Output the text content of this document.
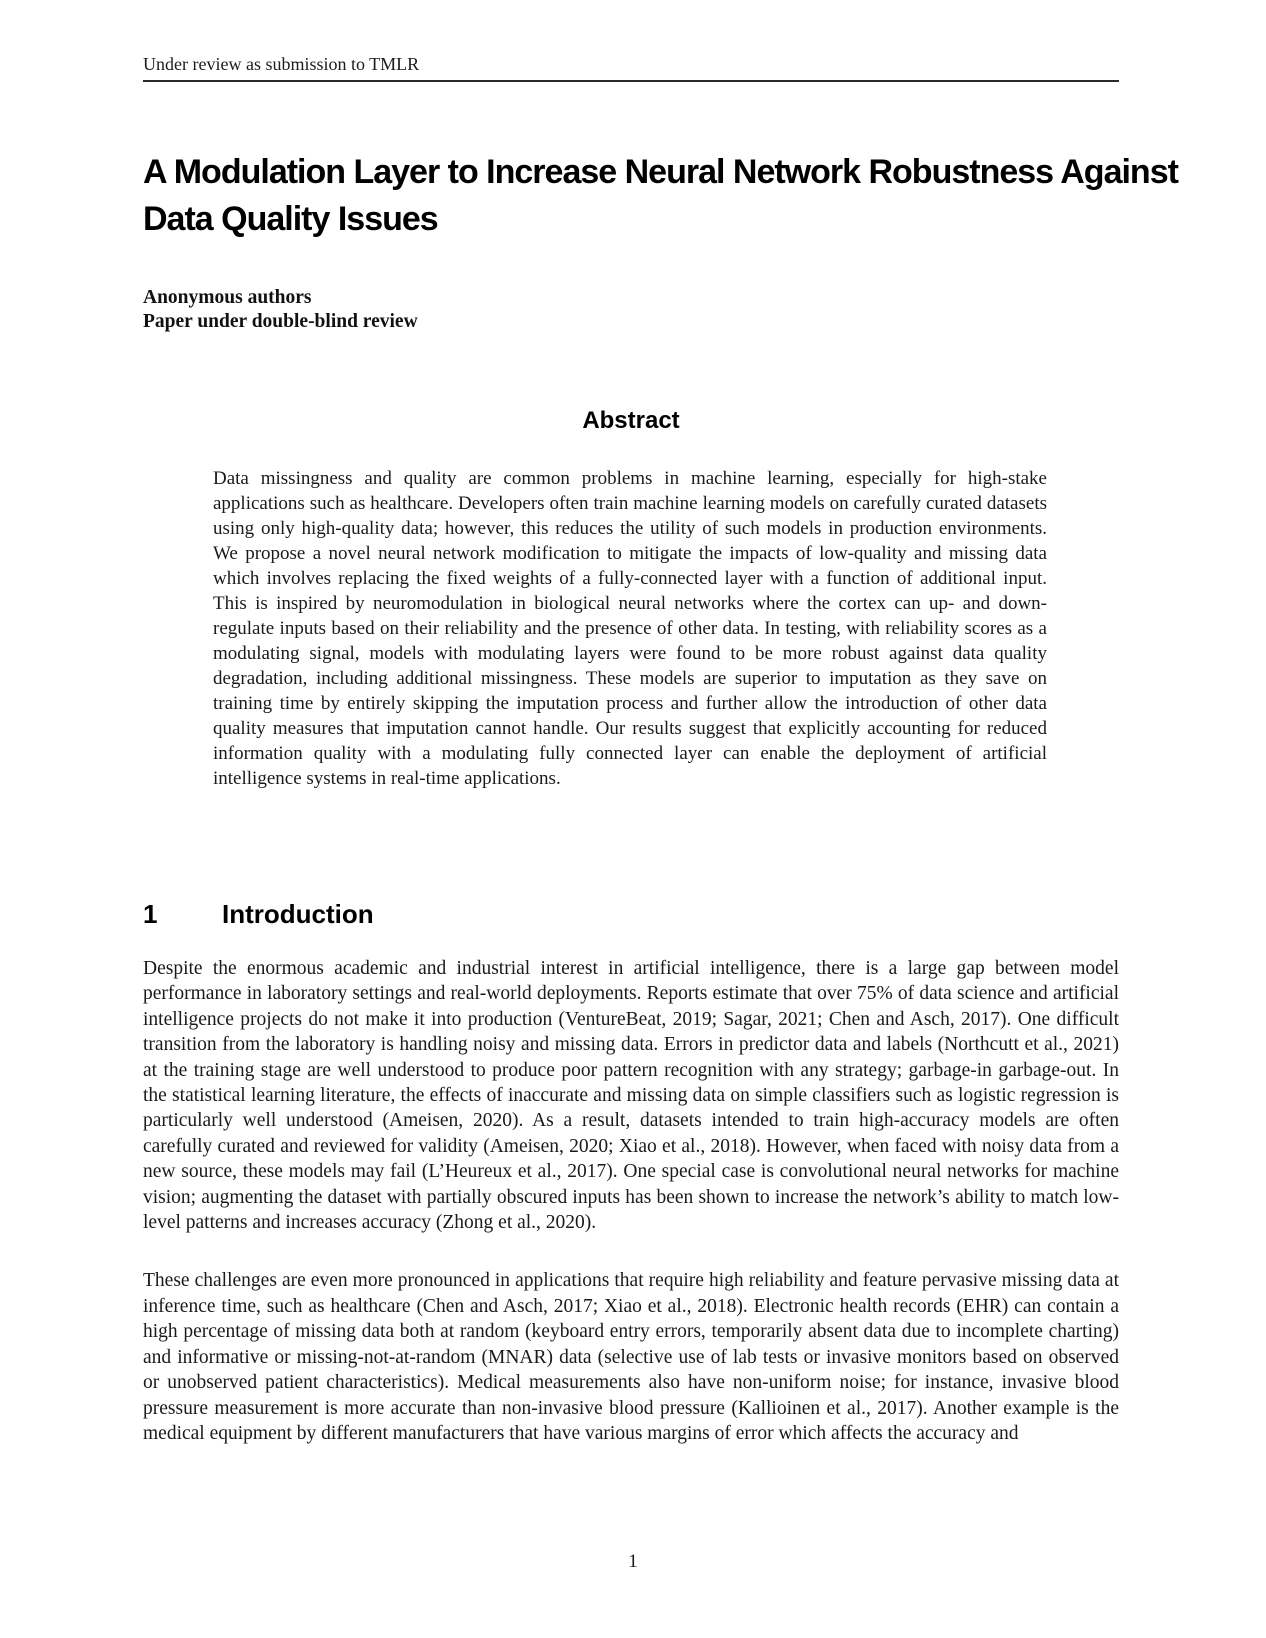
Under review as submission to TMLR
A Modulation Layer to Increase Neural Network Robustness Against Data Quality Issues
Anonymous authors
Paper under double-blind review
Abstract
Data missingness and quality are common problems in machine learning, especially for high-stake applications such as healthcare. Developers often train machine learning models on carefully curated datasets using only high-quality data; however, this reduces the utility of such models in production environments. We propose a novel neural network modification to mitigate the impacts of low-quality and missing data which involves replacing the fixed weights of a fully-connected layer with a function of additional input. This is inspired by neuromodulation in biological neural networks where the cortex can up- and down-regulate inputs based on their reliability and the presence of other data. In testing, with reliability scores as a modulating signal, models with modulating layers were found to be more robust against data quality degradation, including additional missingness. These models are superior to imputation as they save on training time by entirely skipping the imputation process and further allow the introduction of other data quality measures that imputation cannot handle. Our results suggest that explicitly accounting for reduced information quality with a modulating fully connected layer can enable the deployment of artificial intelligence systems in real-time applications.
1 Introduction

Despite the enormous academic and industrial interest in artificial intelligence, there is a large gap between model performance in laboratory settings and real-world deployments. Reports estimate that over 75% of data science and artificial intelligence projects do not make it into production (VentureBeat, 2019; Sagar, 2021; Chen and Asch, 2017). One difficult transition from the laboratory is handling noisy and missing data. Errors in predictor data and labels (Northcutt et al., 2021) at the training stage are well understood to produce poor pattern recognition with any strategy; garbage-in garbage-out. In the statistical learning literature, the effects of inaccurate and missing data on simple classifiers such as logistic regression is particularly well understood (Ameisen, 2020). As a result, datasets intended to train high-accuracy models are often carefully curated and reviewed for validity (Ameisen, 2020; Xiao et al., 2018). However, when faced with noisy data from a new source, these models may fail (L’Heureux et al., 2017). One special case is convolutional neural networks for machine vision; augmenting the dataset with partially obscured inputs has been shown to increase the network’s ability to match low-level patterns and increases accuracy (Zhong et al., 2020).

These challenges are even more pronounced in applications that require high reliability and feature pervasive missing data at inference time, such as healthcare (Chen and Asch, 2017; Xiao et al., 2018). Electronic health records (EHR) can contain a high percentage of missing data both at random (keyboard entry errors, temporarily absent data due to incomplete charting) and informative or missing-not-at-random (MNAR) data (selective use of lab tests or invasive monitors based on observed or unobserved patient characteristics). Medical measurements also have non-uniform noise; for instance, invasive blood pressure measurement is more accurate than non-invasive blood pressure (Kallioinen et al., 2017). Another example is the medical equipment by different manufacturers that have various margins of error which affects the accuracy and

1
